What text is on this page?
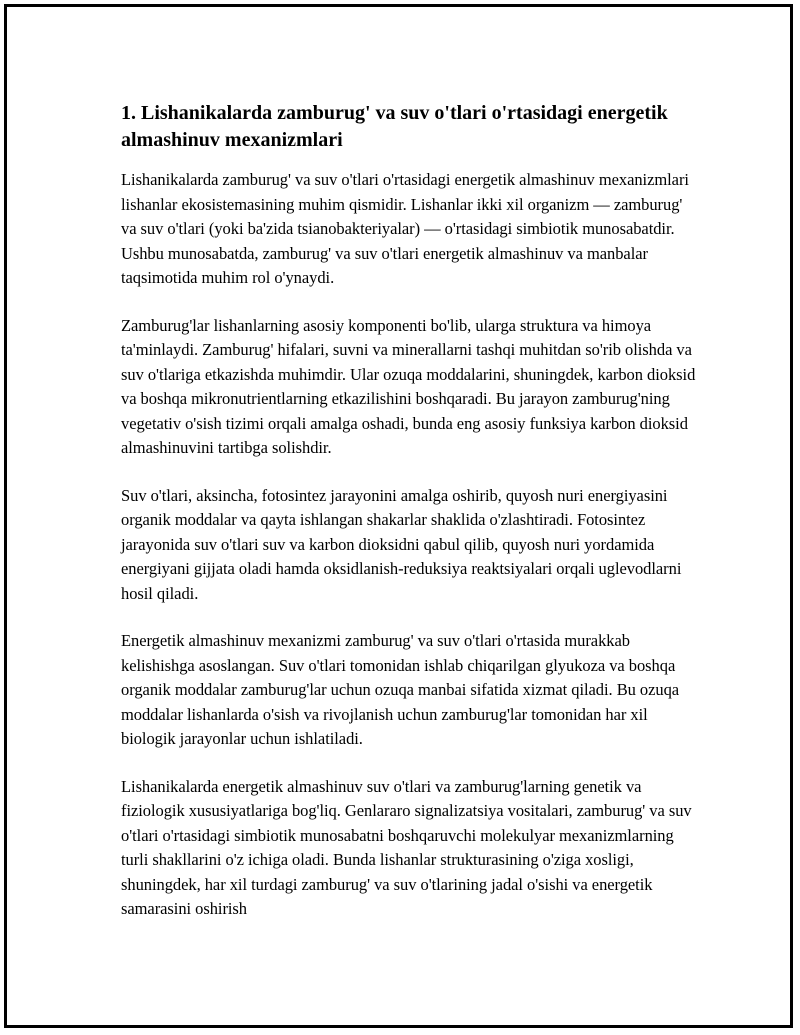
1. Lishanikalarda zamburug' va suv o'tlari o'rtasidagi energetik almashinuv mexanizmlari

Lishanikalarda zamburug' va suv o'tlari o'rtasidagi energetik almashinuv mexanizmlari lishanlar ekosistemasining muhim qismidir. Lishanlar ikki xil organizm — zamburug' va suv o'tlari (yoki ba'zida tsianobakteriyalar) — o'rtasidagi simbiotik munosabatdir. Ushbu munosabatda, zamburug' va suv o'tlari energetik almashinuv va manbalar taqsimotida muhim rol o'ynaydi.

Zamburug'lar lishanlarning asosiy komponenti bo'lib, ularga struktura va himoya ta'minlaydi. Zamburug' hifalari, suvni va minerallarni tashqi muhitdan so'rib olishda va suv o'tlariga etkazishda muhimdir. Ular ozuqa moddalarini, shuningdek, karbon dioksid va boshqa mikronutrientlarning etkazilishini boshqaradi. Bu jarayon zamburug'ning vegetativ o'sish tizimi orqali amalga oshadi, bunda eng asosiy funksiya karbon dioksid almashinuvini tartibga solishdir.

Suv o'tlari, aksincha, fotosintez jarayonini amalga oshirib, quyosh nuri energiyasini organik moddalar va qayta ishlangan shakarlar shaklida o'zlashtiradi. Fotosintez jarayonida suv o'tlari suv va karbon dioksidni qabul qilib, quyosh nuri yordamida energiyani gijjata oladi hamda oksidlanish-reduksiya reaktsiyalari orqali uglevodlarni hosil qiladi.

Energetik almashinuv mexanizmi zamburug' va suv o'tlari o'rtasida murakkab kelishishga asoslangan. Suv o'tlari tomonidan ishlab chiqarilgan glyukoza va boshqa organik moddalar zamburug'lar uchun ozuqa manbai sifatida xizmat qiladi. Bu ozuqa moddalar lishanlarda o'sish va rivojlanish uchun zamburug'lar tomonidan har xil biologik jarayonlar uchun ishlatiladi.

Lishanikalarda energetik almashinuv suv o'tlari va zamburug'larning genetik va fiziologik xususiyatlariga bog'liq. Genlararo signalizatsiya vositalari, zamburug' va suv o'tlari o'rtasidagi simbiotik munosabatni boshqaruvchi molekulyar mexanizmlarning turli shakllarini o'z ichiga oladi. Bunda lishanlar strukturasining o'ziga xosligi, shuningdek, har xil turdagi zamburug' va suv o'tlarining jadal o'sishi va energetik samarasini oshirish
